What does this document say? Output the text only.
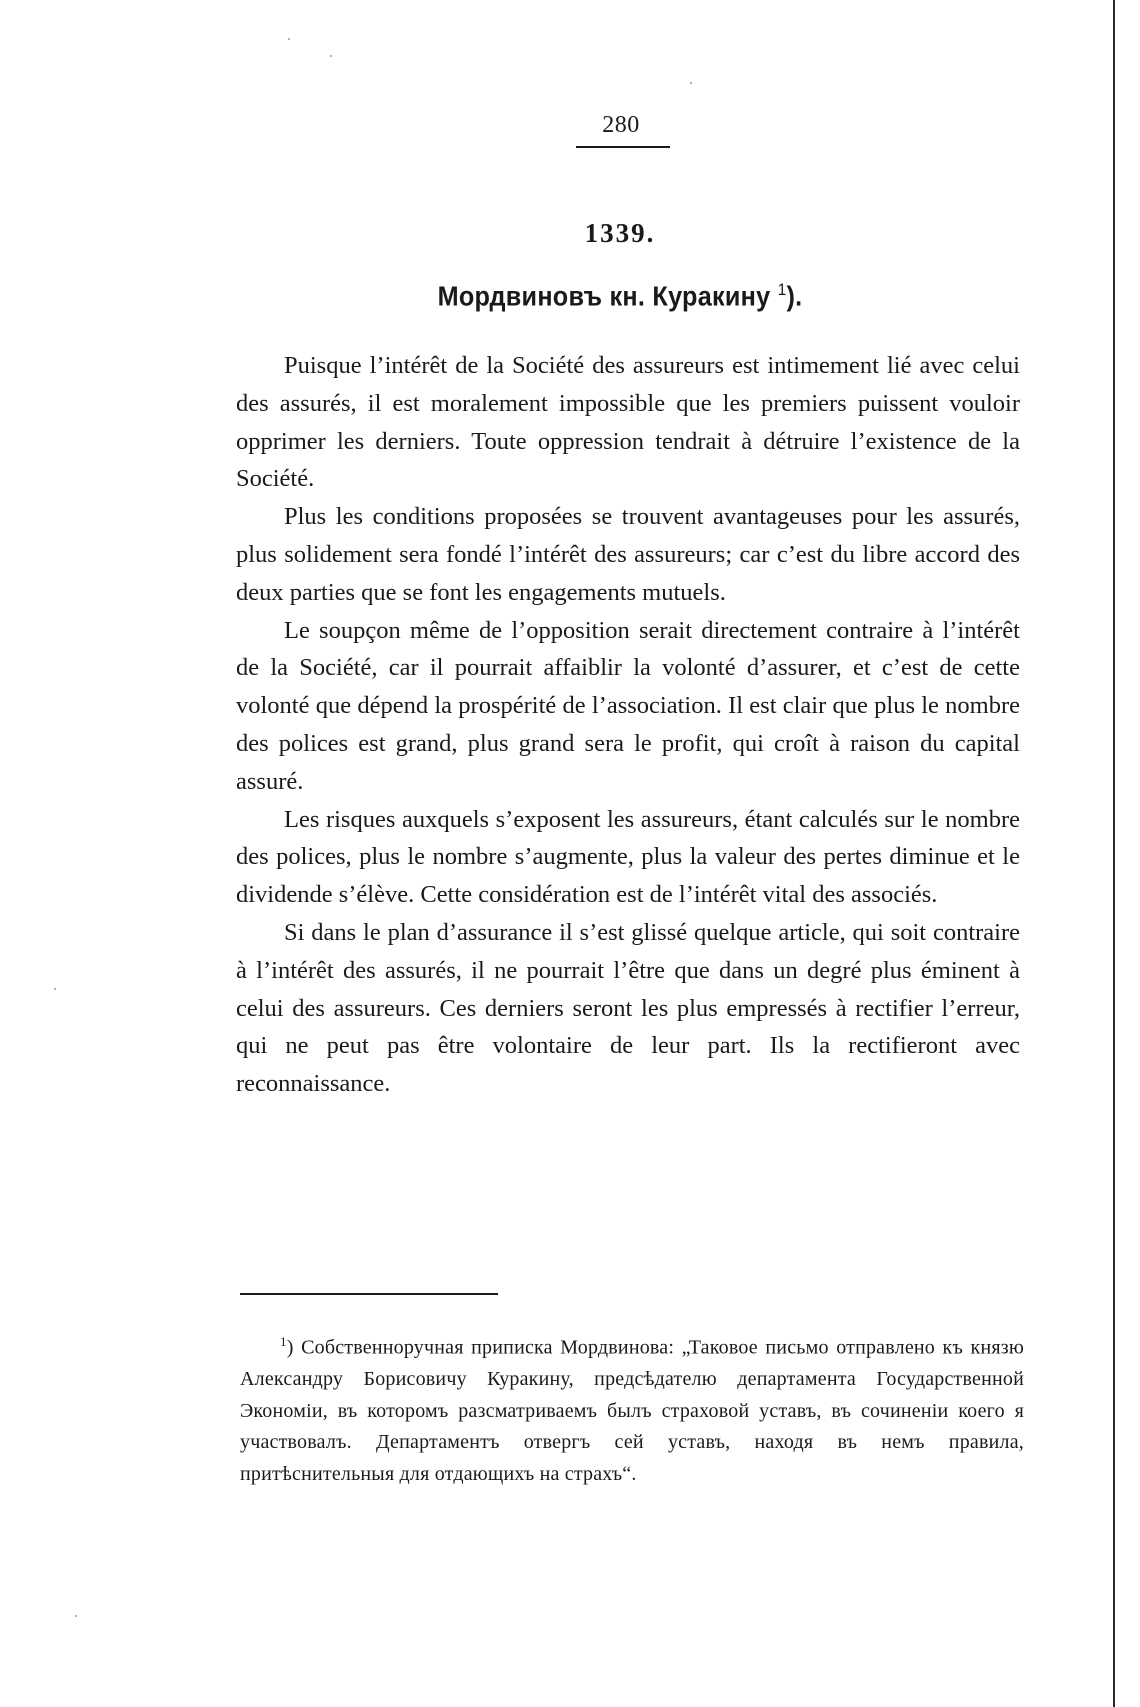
280
1339.
Мордвиновъ кн. Куракину $^1$).

Puisque l’intérêt de la Société des assureurs est intimement lié avec celui des assurés, il est moralement impossible que les premiers puissent vouloir opprimer les derniers. Toute oppression tendrait à détruire l’existence de la Société.

Plus les conditions proposées se trouvent avantageuses pour les assurés, plus solidement sera fondé l’intérêt des assureurs; car c’est du libre accord des deux parties que se font les engagements mutuels.

Le soupçon même de l’opposition serait directement contraire à l’intérêt de la Société, car il pourrait affaiblir la volonté d’assurer, et c’est de cette volonté que dépend la prospérité de l’association. Il est clair que plus le nombre des polices est grand, plus grand sera le profit, qui croît à raison du capital assuré.

Les risques auxquels s’exposent les assureurs, étant calculés sur le nombre des polices, plus le nombre s’augmente, plus la valeur des pertes diminue et le dividende s’élève. Cette considération est de l’intérêt vital des associés.

Si dans le plan d’assurance il s’est glissé quelque article, qui soit contraire à l’intérêt des assurés, il ne pourrait l’être que dans un degré plus éminent à celui des assureurs. Ces derniers seront les plus empressés à rectifier l’erreur, qui ne peut pas être volontaire de leur part. Ils la rectifieront avec reconnaissance.

$^1$) Собственноручная приписка Мордвинова: „Таковое письмо отправлено къ князю Александру Борисовичу Куракину, предсѣдателю департамента Государственной Экономіи, въ которомъ разсматриваемъ былъ страховой уставъ, въ сочиненіи коего я участвовалъ. Департаментъ отвергъ сей уставъ, находя въ немъ правила, притѣснительныя для отдающихъ на страхъ“.
